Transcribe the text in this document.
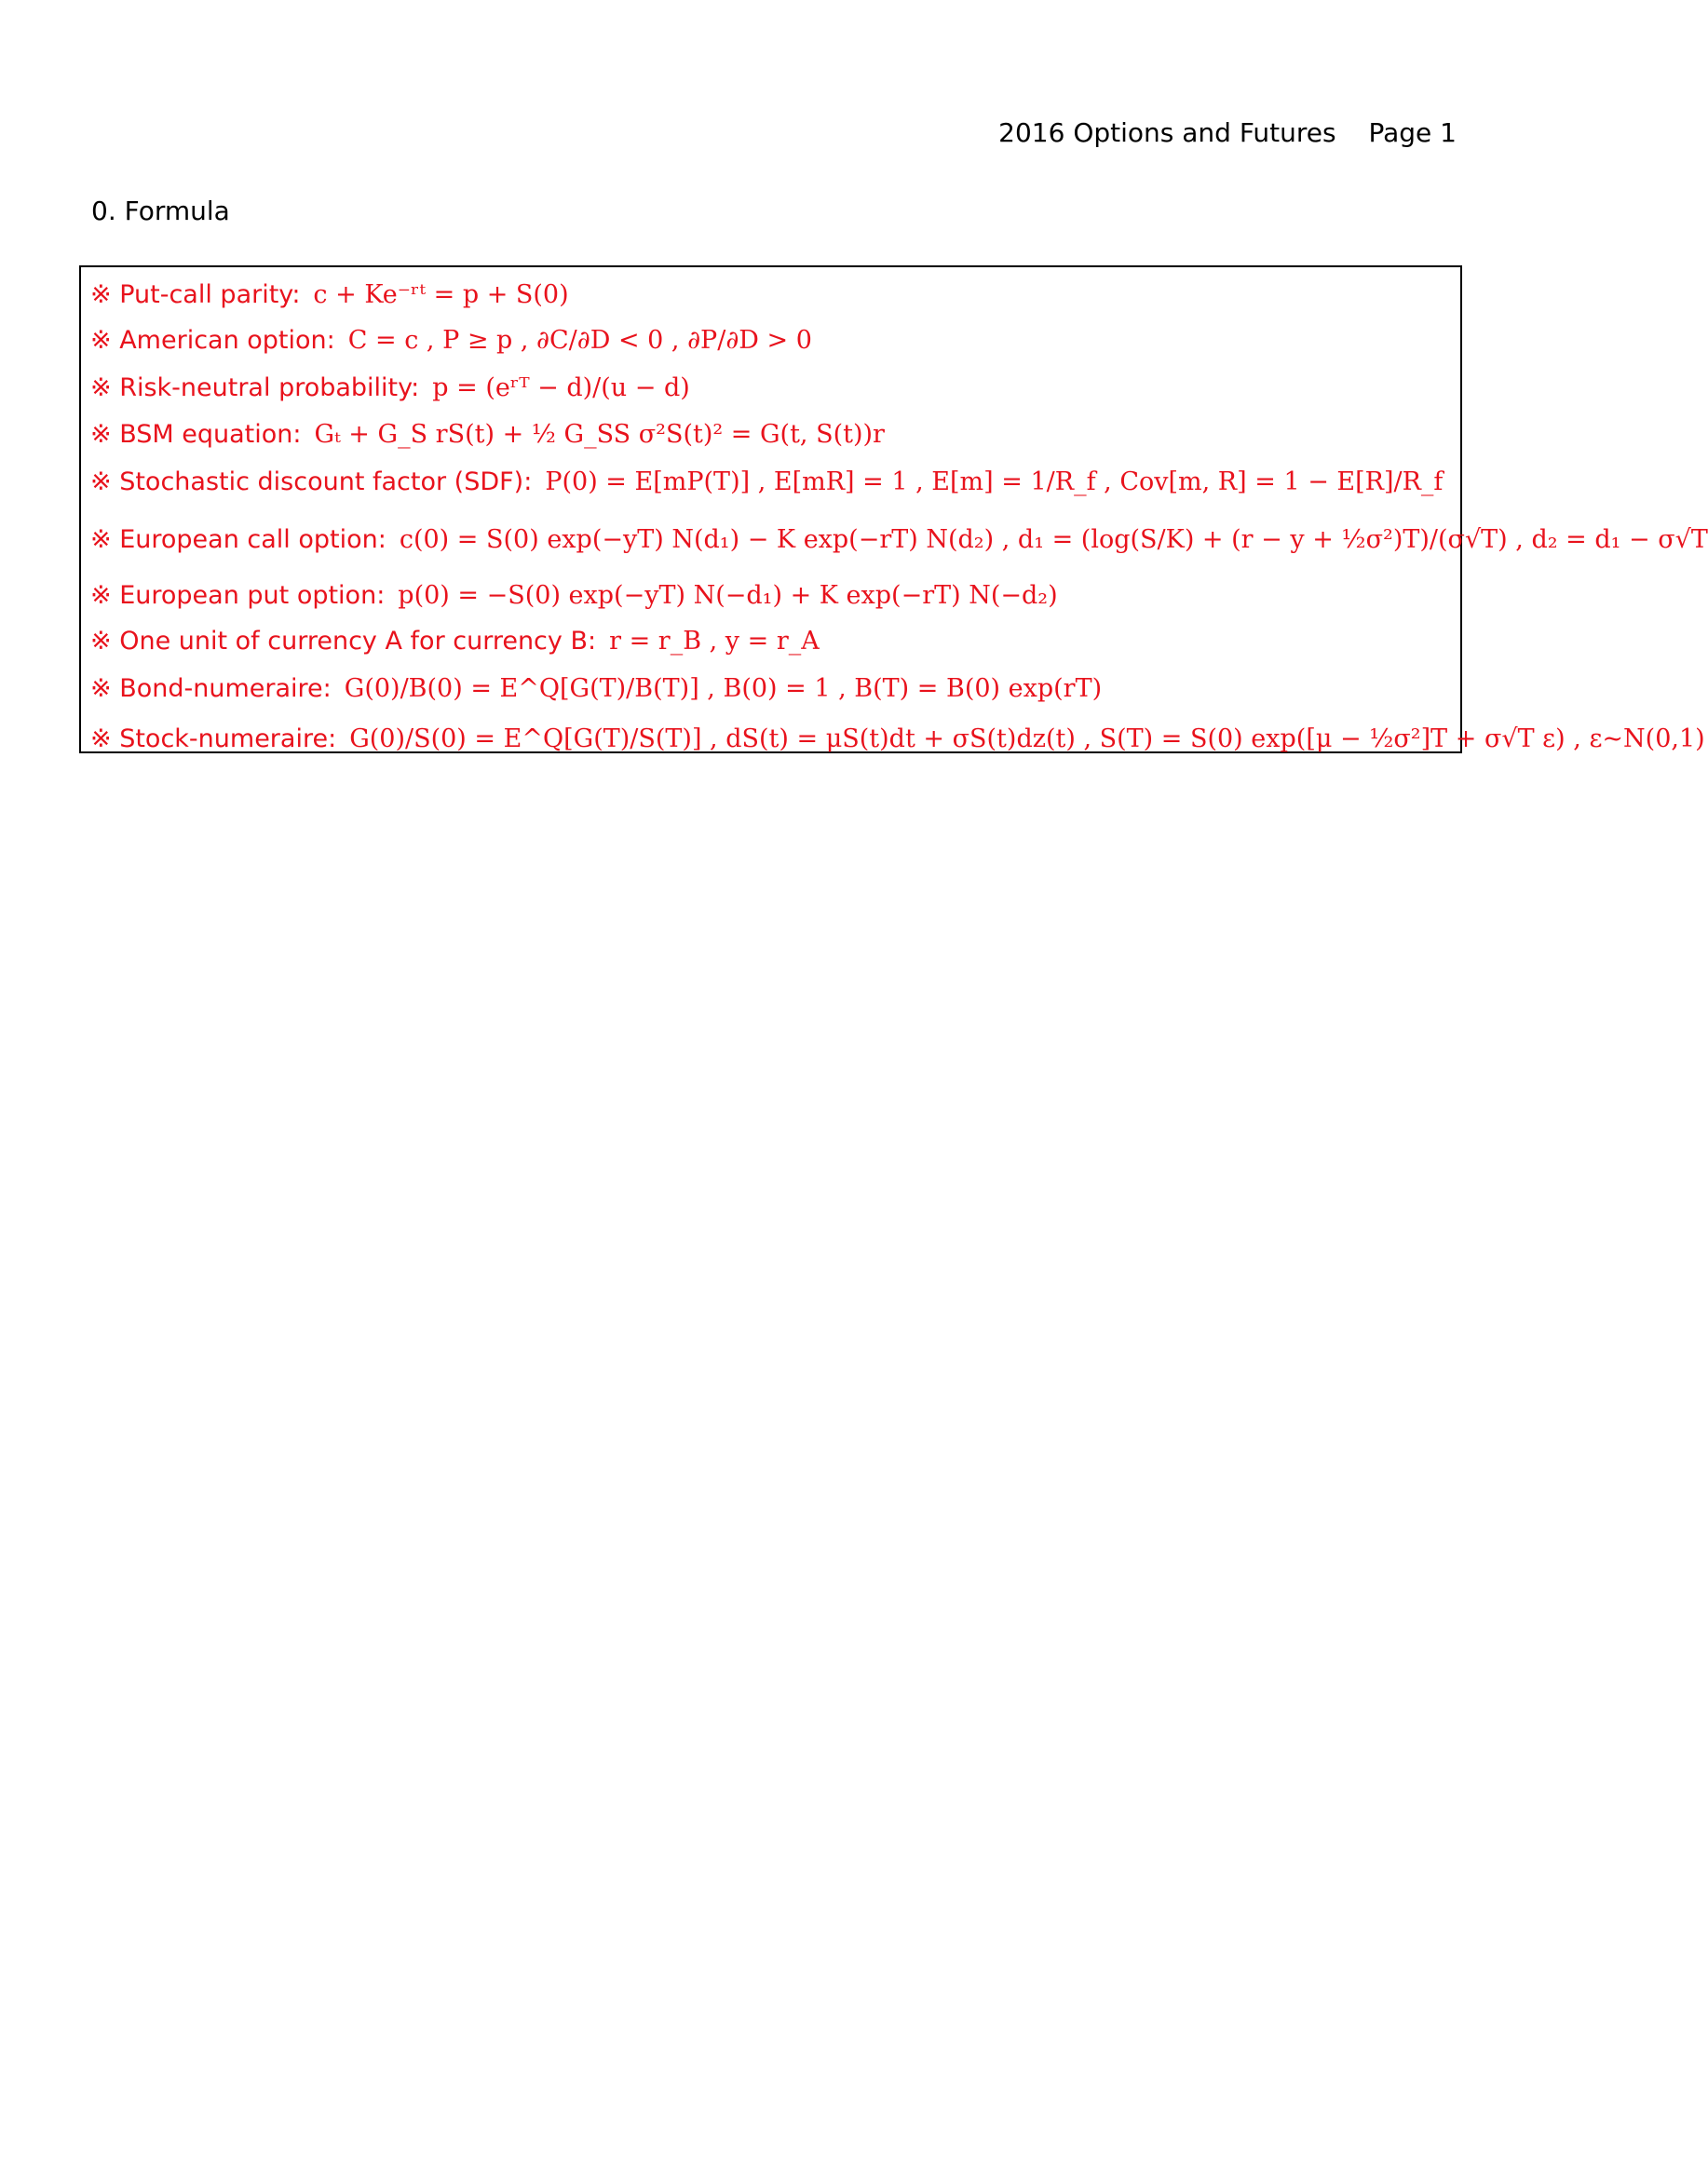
2016 Options and Futures Page 1
0. Formula
※ Put-call parity: c + Ke⁻ʳᵗ = p + S(0)
※ American option: C = c , P ≥ p , ∂C/∂D < 0 , ∂P/∂D > 0
※ Risk-neutral probability: p = (eʳᵀ − d)/(u − d)
※ BSM equation: Gₜ + G_S rS(t) + ½ G_SS σ²S(t)² = G(t, S(t))r
※ Stochastic discount factor (SDF): P(0) = E[mP(T)] , E[mR] = 1 , E[m] = 1/R_f , Cov[m, R] = 1 − E[R]/R_f
※ European call option: c(0) = S(0) exp(−yT) N(d₁) − K exp(−rT) N(d₂) , d₁ = (log(S/K) + (r − y + ½σ²)T)/(σ√T) , d₂ = d₁ − σ√T
※ European put option: p(0) = −S(0) exp(−yT) N(−d₁) + K exp(−rT) N(−d₂)
※ One unit of currency A for currency B: r = r_B , y = r_A
※ Bond-numeraire: G(0)/B(0) = E^Q[G(T)/B(T)] , B(0) = 1 , B(T) = B(0) exp(rT)
※ Stock-numeraire: G(0)/S(0) = E^Q[G(T)/S(T)] , dS(t) = μS(t)dt + σS(t)dz(t) , S(T) = S(0) exp([μ − ½σ²]T + σ√T ε) , ε~N(0,1)
